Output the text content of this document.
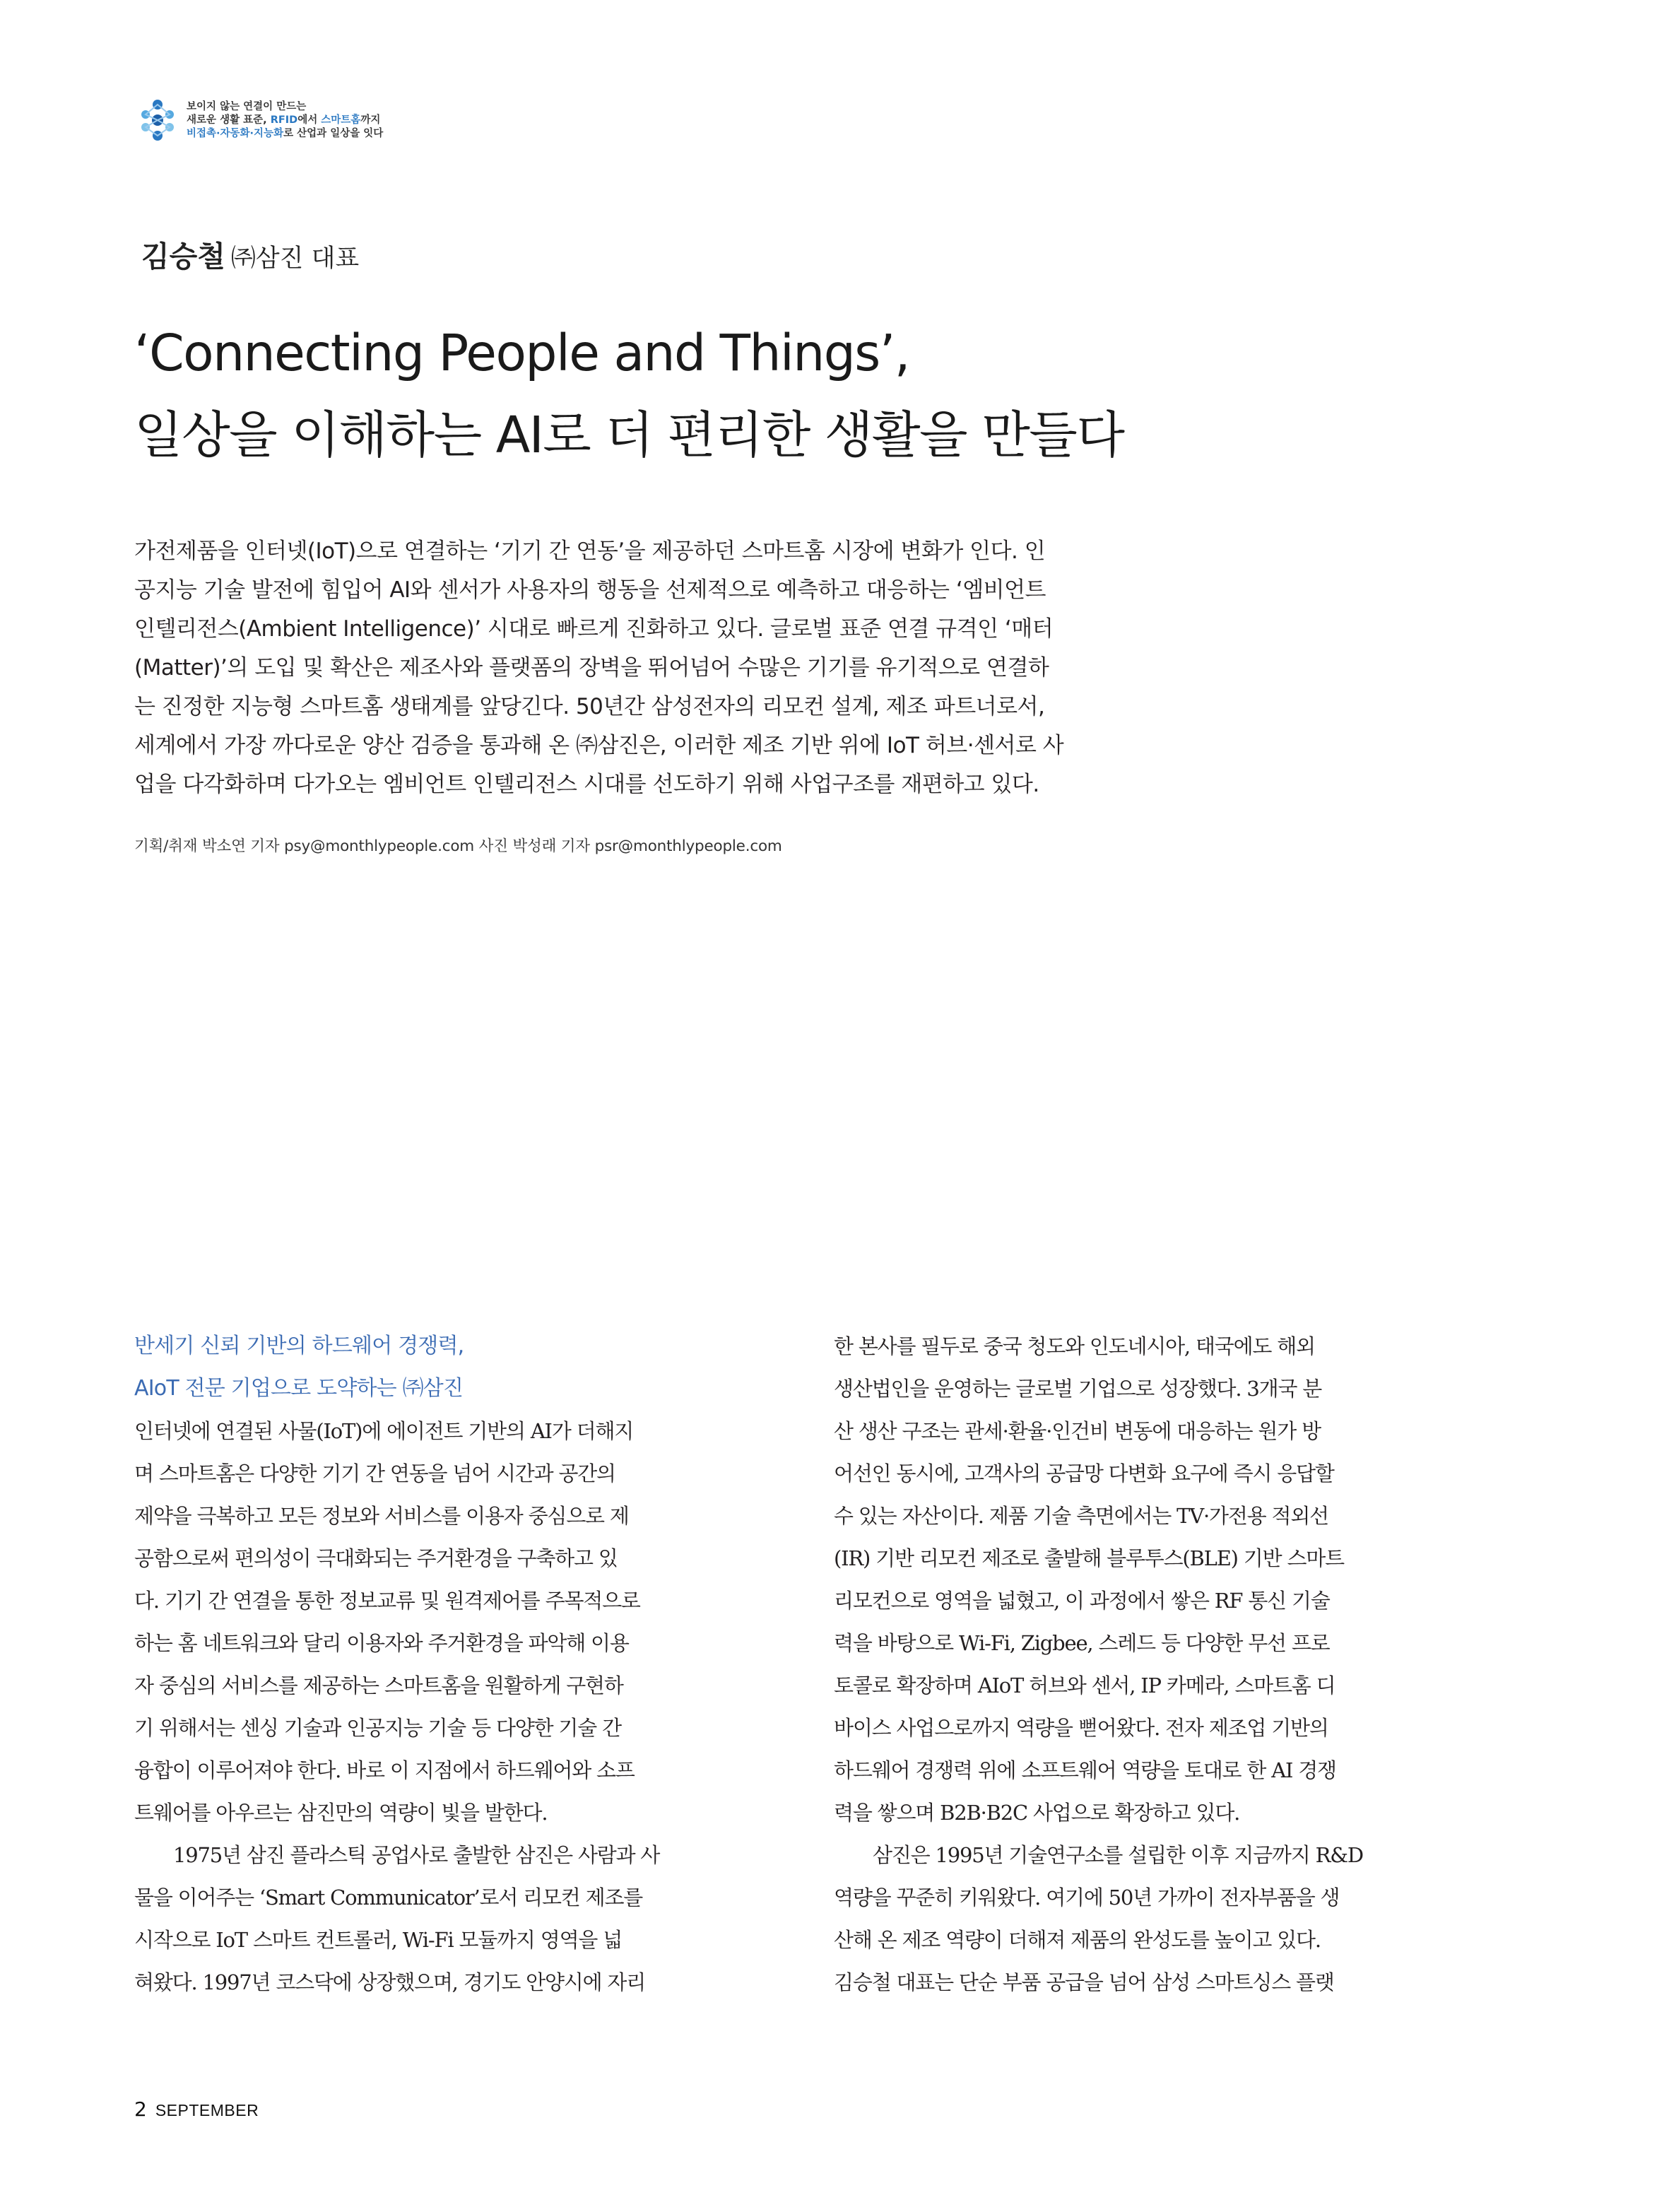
보이지 않는 연결이 만드는
새로운 생활 표준, RFID에서 스마트홈까지
비접촉·자동화·지능화로 산업과 일상을 잇다
김승철 ㈜삼진 대표
‘Connecting People and Things’,
일상을 이해하는 AI로 더 편리한 생활을 만들다
가전제품을 인터넷(IoT)으로 연결하는 ‘기기 간 연동’을 제공하던 스마트홈 시장에 변화가 인다. 인
공지능 기술 발전에 힘입어 AI와 센서가 사용자의 행동을 선제적으로 예측하고 대응하는 ‘엠비언트
인텔리전스(Ambient Intelligence)’ 시대로 빠르게 진화하고 있다. 글로벌 표준 연결 규격인 ‘매터
(Matter)’의 도입 및 확산은 제조사와 플랫폼의 장벽을 뛰어넘어 수많은 기기를 유기적으로 연결하
는 진정한 지능형 스마트홈 생태계를 앞당긴다. 50년간 삼성전자의 리모컨 설계, 제조 파트너로서,
세계에서 가장 까다로운 양산 검증을 통과해 온 ㈜삼진은, 이러한 제조 기반 위에 IoT 허브·센서로 사
업을 다각화하며 다가오는 엠비언트 인텔리전스 시대를 선도하기 위해 사업구조를 재편하고 있다.
기획/취재 박소연 기자 psy@monthlypeople.com 사진 박성래 기자 psr@monthlypeople.com
반세기 신뢰 기반의 하드웨어 경쟁력,
AIoT 전문 기업으로 도약하는 ㈜삼진
인터넷에 연결된 사물(IoT)에 에이전트 기반의 AI가 더해지
며 스마트홈은 다양한 기기 간 연동을 넘어 시간과 공간의
제약을 극복하고 모든 정보와 서비스를 이용자 중심으로 제
공함으로써 편의성이 극대화되는 주거환경을 구축하고 있
다. 기기 간 연결을 통한 정보교류 및 원격제어를 주목적으로
하는 홈 네트워크와 달리 이용자와 주거환경을 파악해 이용
자 중심의 서비스를 제공하는 스마트홈을 원활하게 구현하
기 위해서는 센싱 기술과 인공지능 기술 등 다양한 기술 간
융합이 이루어져야 한다. 바로 이 지점에서 하드웨어와 소프
트웨어를 아우르는 삼진만의 역량이 빛을 발한다.
1975년 삼진 플라스틱 공업사로 출발한 삼진은 사람과 사
물을 이어주는 ‘Smart Communicator’로서 리모컨 제조를
시작으로 IoT 스마트 컨트롤러, Wi-Fi 모듈까지 영역을 넓
혀왔다. 1997년 코스닥에 상장했으며, 경기도 안양시에 자리
한 본사를 필두로 중국 청도와 인도네시아, 태국에도 해외
생산법인을 운영하는 글로벌 기업으로 성장했다. 3개국 분
산 생산 구조는 관세·환율·인건비 변동에 대응하는 원가 방
어선인 동시에, 고객사의 공급망 다변화 요구에 즉시 응답할
수 있는 자산이다. 제품 기술 측면에서는 TV·가전용 적외선
(IR) 기반 리모컨 제조로 출발해 블루투스(BLE) 기반 스마트
리모컨으로 영역을 넓혔고, 이 과정에서 쌓은 RF 통신 기술
력을 바탕으로 Wi-Fi, Zigbee, 스레드 등 다양한 무선 프로
토콜로 확장하며 AIoT 허브와 센서, IP 카메라, 스마트홈 디
바이스 사업으로까지 역량을 뻗어왔다. 전자 제조업 기반의
하드웨어 경쟁력 위에 소프트웨어 역량을 토대로 한 AI 경쟁
력을 쌓으며 B2B·B2C 사업으로 확장하고 있다.
삼진은 1995년 기술연구소를 설립한 이후 지금까지 R&D
역량을 꾸준히 키워왔다. 여기에 50년 가까이 전자부품을 생
산해 온 제조 역량이 더해져 제품의 완성도를 높이고 있다.
김승철 대표는 단순 부품 공급을 넘어 삼성 스마트싱스 플랫
2 SEPTEMBER
